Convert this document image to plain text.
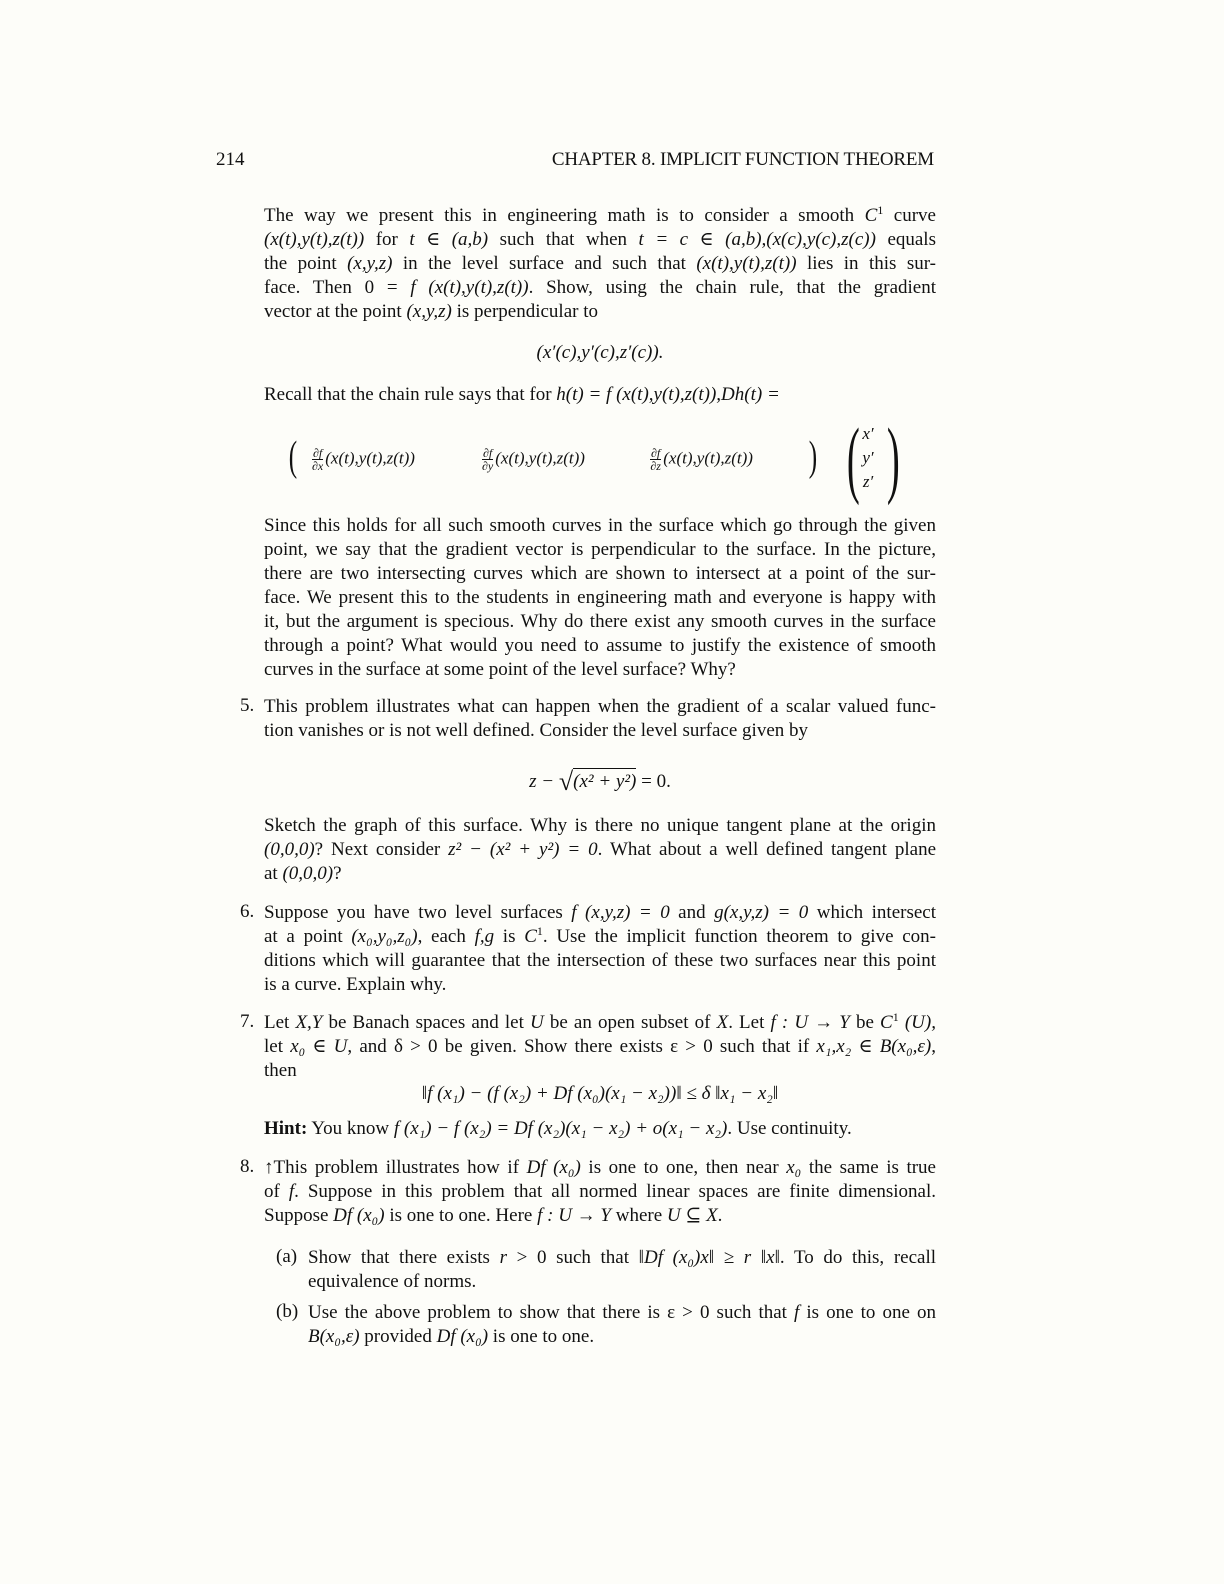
214	CHAPTER 8. IMPLICIT FUNCTION THEOREM
The way we present this in engineering math is to consider a smooth $C^1$ curve
(x(t),y(t),z(t)) for t ∈ (a,b) such that when t = c ∈ (a,b),(x(c),y(c),z(c)) equals
the point (x,y,z) in the level surface and such that (x(t),y(t),z(t)) lies in this sur-
face. Then 0 = f (x(t),y(t),z(t)). Show, using the chain rule, that the gradient
vector at the point (x,y,z) is perpendicular to
(x′(c),y′(c),z′(c)).
Recall that the chain rule says that for h(t) = f (x(t),y(t),z(t)),Dh(t) =
( $\frac{\partial f}{\partial x} (x(t),y(t),z(t))$	$\frac{\partial f}{\partial y} (x(t),y(t),z(t))$	$\frac{\partial f}{\partial z} (x(t),y(t),z(t))$ ) ( x′
y′
z′ )
Since this holds for all such smooth curves in the surface which go through the given
point, we say that the gradient vector is perpendicular to the surface. In the picture,
there are two intersecting curves which are shown to intersect at a point of the sur-
face. We present this to the students in engineering math and everyone is happy with
it, but the argument is specious. Why do there exist any smooth curves in the surface
through a point? What would you need to assume to justify the existence of smooth
curves in the surface at some point of the level surface? Why?
5. This problem illustrates what can happen when the gradient of a scalar valued func-
tion vanishes or is not well defined. Consider the level surface given by
z − √(x² + y²) = 0.
Sketch the graph of this surface. Why is there no unique tangent plane at the origin
(0,0,0)? Next consider z² − (x² + y²) = 0. What about a well defined tangent plane
at (0,0,0)?
6. Suppose you have two level surfaces f (x,y,z) = 0 and g(x,y,z) = 0 which intersect
at a point (x₀,y₀,z₀), each f,g is $C^1$. Use the implicit function theorem to give con-
ditions which will guarantee that the intersection of these two surfaces near this point
is a curve. Explain why.
7. Let X,Y be Banach spaces and let U be an open subset of X. Let f : U → Y be $C^1$ (U),
let x₀ ∈ U, and δ > 0 be given. Show there exists ε > 0 such that if x₁,x₂ ∈ B(x₀,ε),
then
‖f (x₁) − (f (x₂) + Df (x₀)(x₁ − x₂))‖ ≤ δ ‖x₁ − x₂‖
Hint: You know f (x₁) − f (x₂) = Df (x₂)(x₁ − x₂) + o(x₁ − x₂). Use continuity.
8. ↑This problem illustrates how if Df (x₀) is one to one, then near x₀ the same is true
of f. Suppose in this problem that all normed linear spaces are finite dimensional.
Suppose Df (x₀) is one to one. Here f : U → Y where U ⊆ X.
(a) Show that there exists r > 0 such that ‖Df (x₀)x‖ ≥ r ‖x‖. To do this, recall
equivalence of norms.
(b) Use the above problem to show that there is ε > 0 such that f is one to one on
B(x₀,ε) provided Df (x₀) is one to one.
